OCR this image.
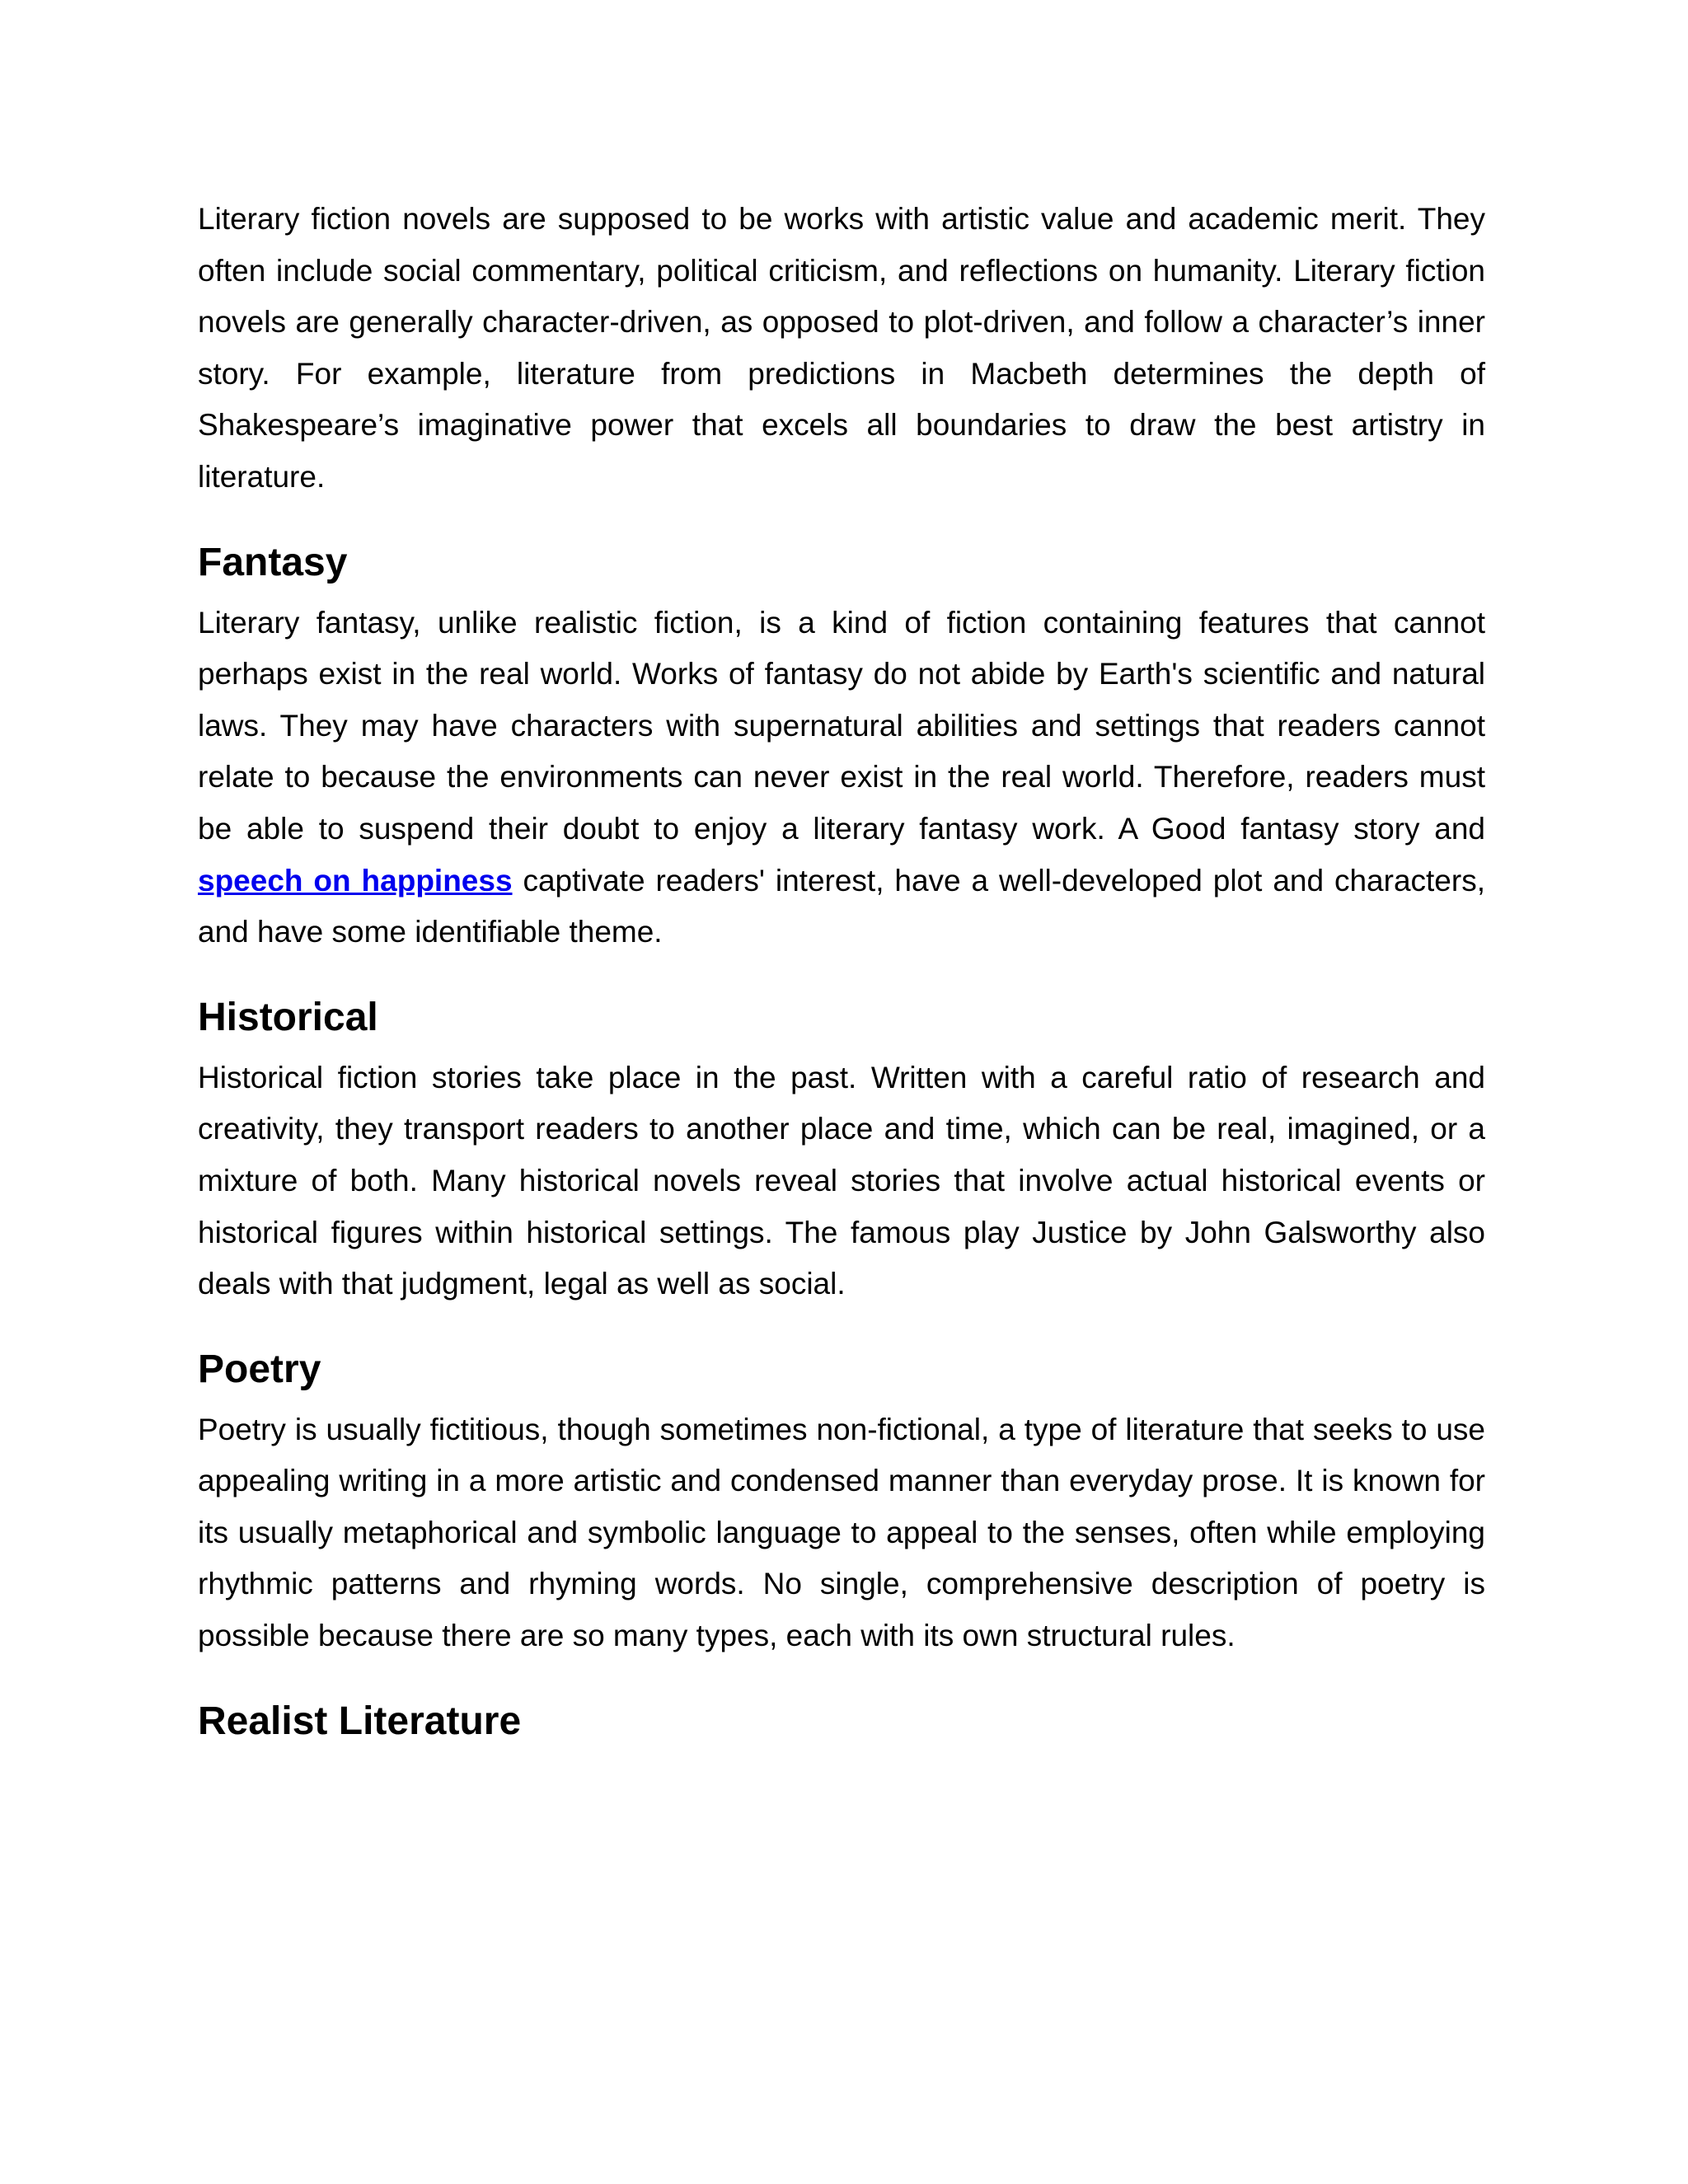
Literary fiction novels are supposed to be works with artistic value and academic merit. They often include social commentary, political criticism, and reflections on humanity. Literary fiction novels are generally character-driven, as opposed to plot-driven, and follow a character’s inner story. For example, literature from predictions in Macbeth determines the depth of Shakespeare’s imaginative power that excels all boundaries to draw the best artistry in literature.

Fantasy

Literary fantasy, unlike realistic fiction, is a kind of fiction containing features that cannot perhaps exist in the real world. Works of fantasy do not abide by Earth's scientific and natural laws. They may have characters with supernatural abilities and settings that readers cannot relate to because the environments can never exist in the real world. Therefore, readers must be able to suspend their doubt to enjoy a literary fantasy work. A Good fantasy story and speech on happiness captivate readers' interest, have a well-developed plot and characters, and have some identifiable theme.

Historical

Historical fiction stories take place in the past. Written with a careful ratio of research and creativity, they transport readers to another place and time, which can be real, imagined, or a mixture of both. Many historical novels reveal stories that involve actual historical events or historical figures within historical settings. The famous play Justice by John Galsworthy also deals with that judgment, legal as well as social.

Poetry

Poetry is usually fictitious, though sometimes non-fictional, a type of literature that seeks to use appealing writing in a more artistic and condensed manner than everyday prose. It is known for its usually metaphorical and symbolic language to appeal to the senses, often while employing rhythmic patterns and rhyming words. No single, comprehensive description of poetry is possible because there are so many types, each with its own structural rules.

Realist Literature
